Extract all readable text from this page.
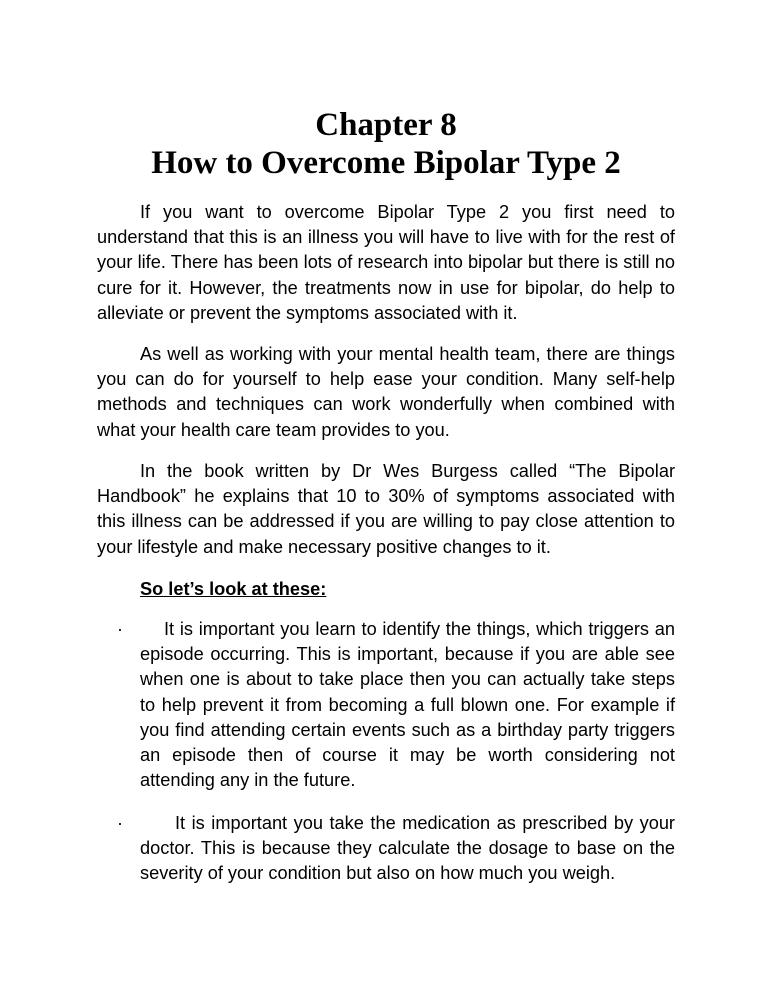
Chapter 8
How to Overcome Bipolar Type 2

If you want to overcome Bipolar Type 2 you first need to understand that this is an illness you will have to live with for the rest of your life. There has been lots of research into bipolar but there is still no cure for it. However, the treatments now in use for bipolar, do help to alleviate or prevent the symptoms associated with it.

As well as working with your mental health team, there are things you can do for yourself to help ease your condition. Many self-help methods and techniques can work wonderfully when combined with what your health care team provides to you.

In the book written by Dr Wes Burgess called “The Bipolar Handbook” he explains that 10 to 30% of symptoms associated with this illness can be addressed if you are willing to pay close attention to your lifestyle and make necessary positive changes to it.

So let’s look at these:

·	It is important you learn to identify the things, which triggers an episode occurring. This is important, because if you are able see when one is about to take place then you can actually take steps to help prevent it from becoming a full blown one. For example if you find attending certain events such as a birthday party triggers an episode then of course it may be worth considering not attending any in the future.

·	It is important you take the medication as prescribed by your doctor. This is because they calculate the dosage to base on the severity of your condition but also on how much you weigh.
